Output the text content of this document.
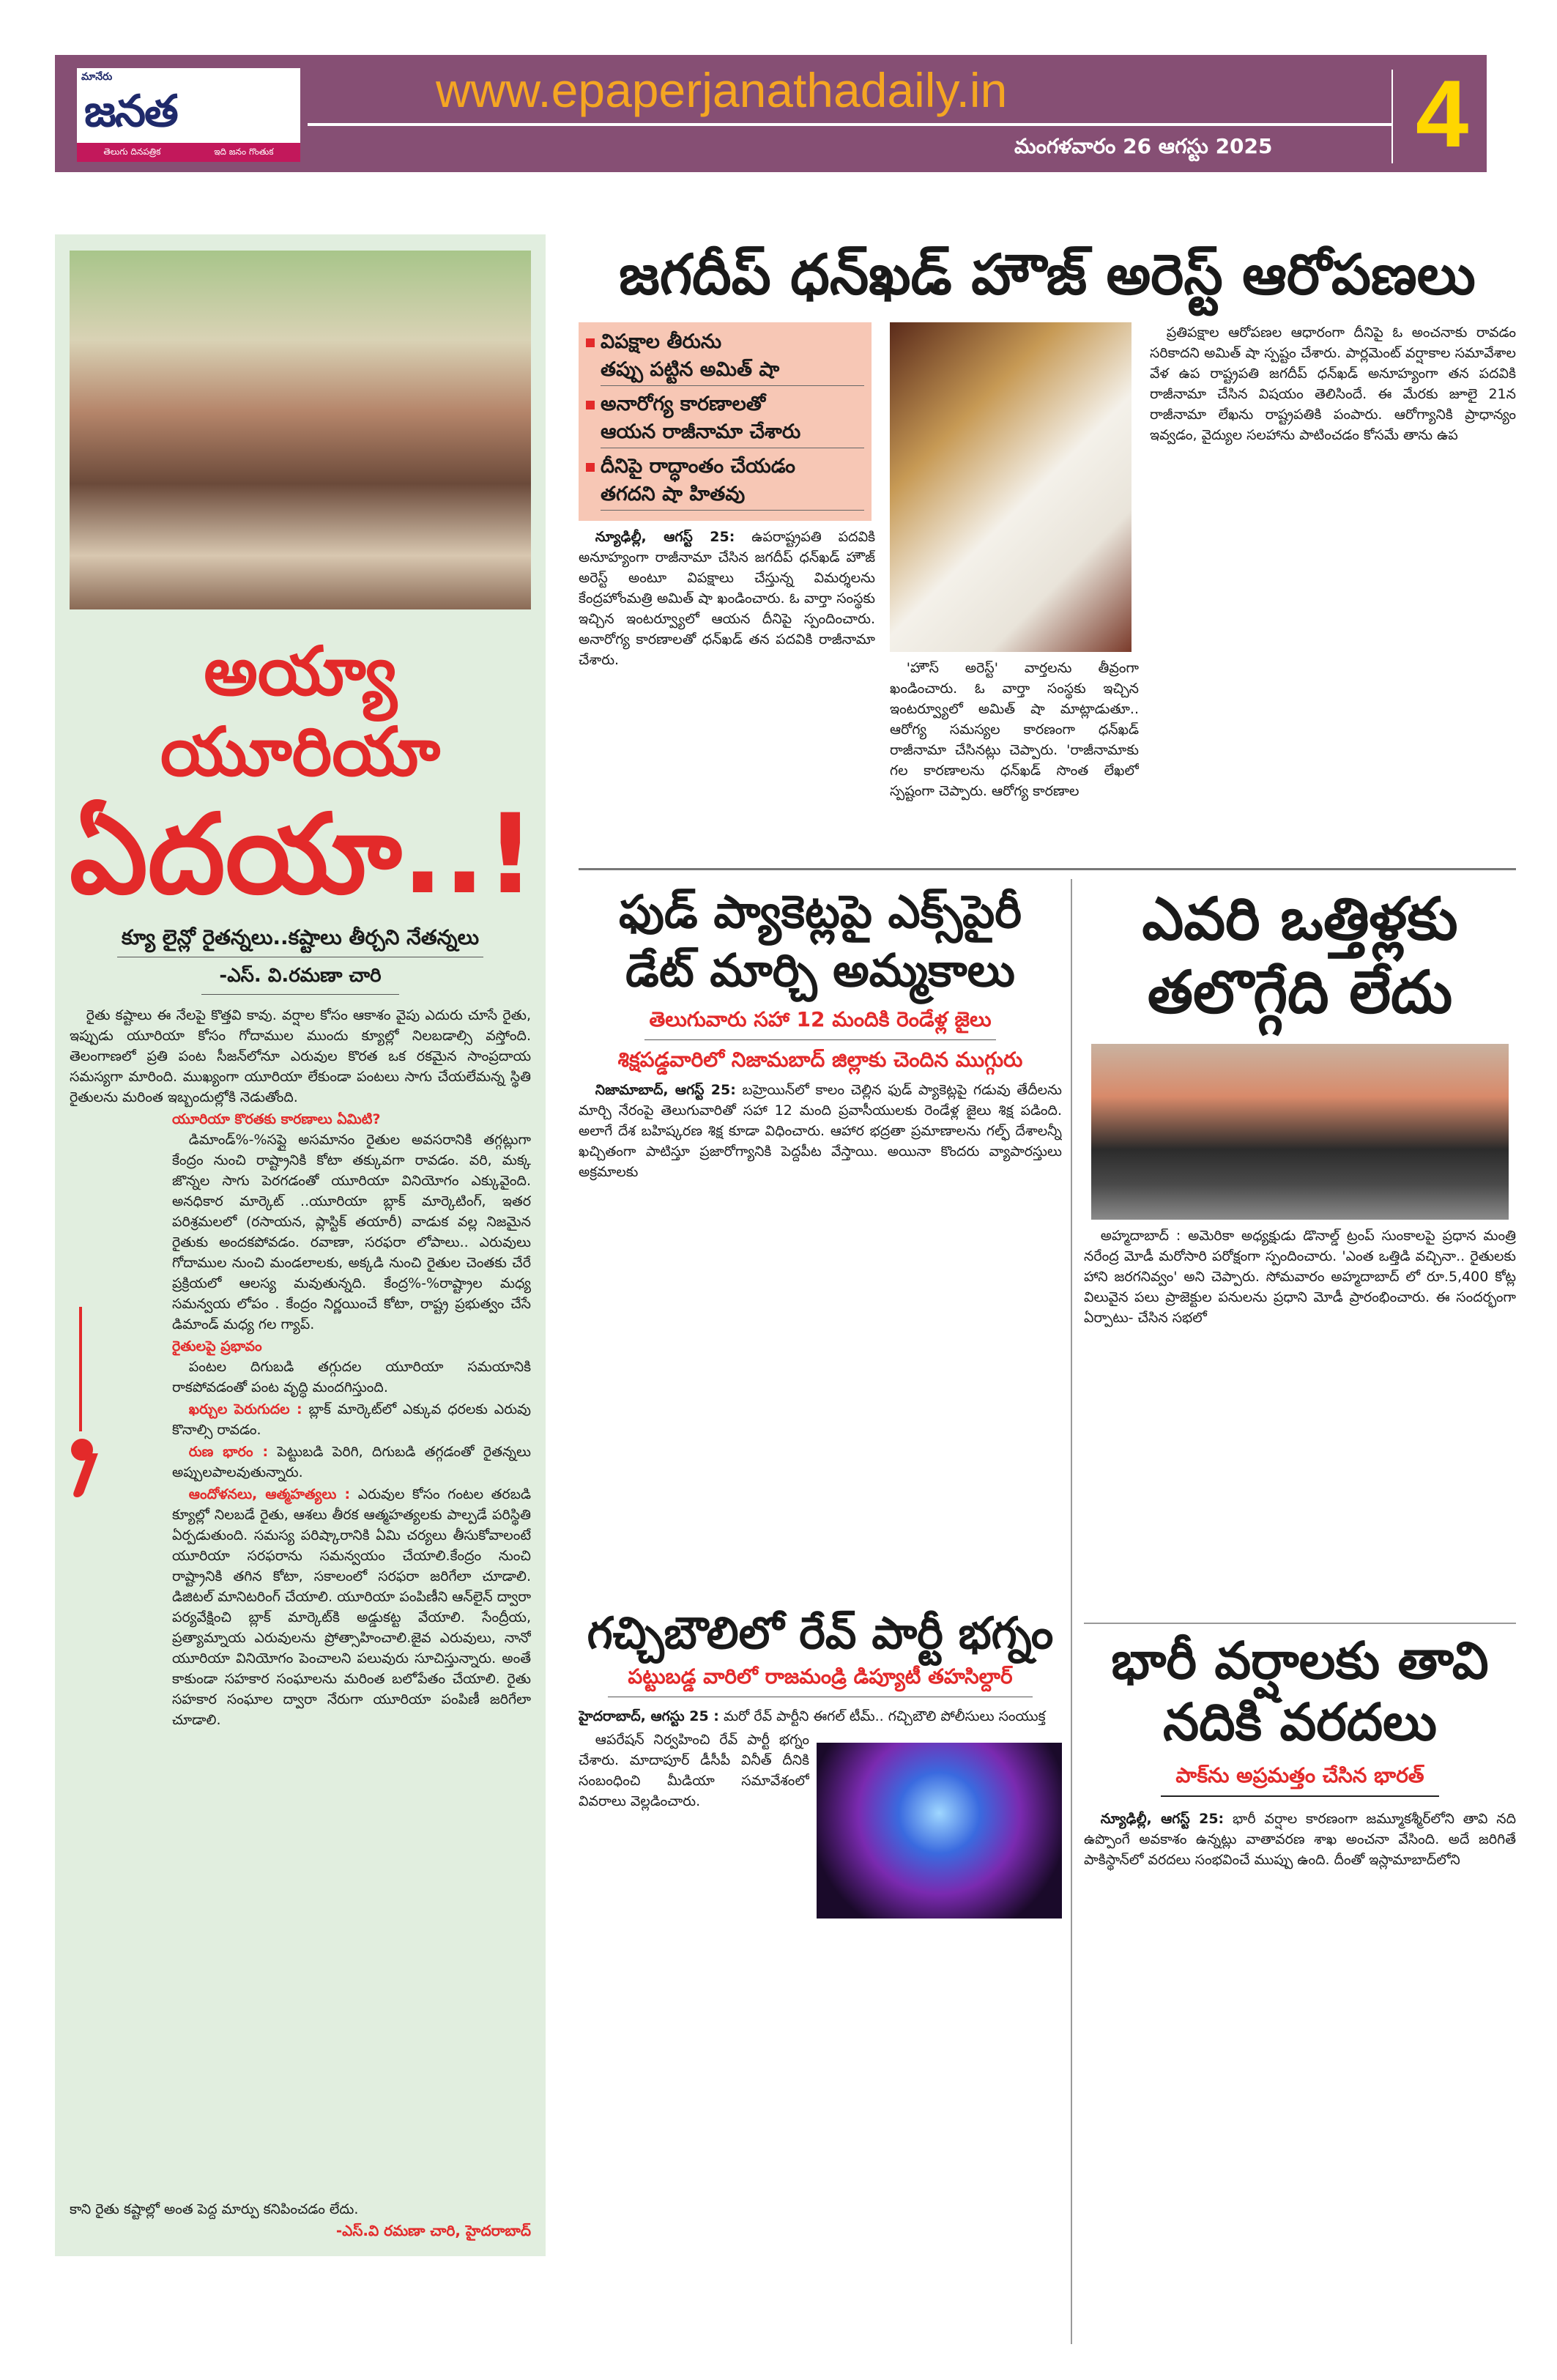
మానేరు
జనత
తెలుగు దినపత్రిక	ఇది జనం గొంతుక
www.epaperjanathadaily.in
మంగళవారం 26 ఆగస్టు 2025 4
అయ్యా యూరియా
ఏదయా..!
క్యూ లైన్లో రైతన్నలు..కష్టాలు తీర్చని నేతన్నలు
-ఎస్. వి.రమణా చారి

రైతు కష్టాలు ఈ నేలపై కొత్తవి కావు. వర్షాల కోసం ఆకాశం వైపు ఎదురు చూసే రైతు, ఇప్పుడు యూరియా కోసం గోదాముల ముందు క్యూల్లో నిలబడాల్సి వస్తోంది. తెలంగాణలో ప్రతి పంట సీజన్‌లోనూ ఎరువుల కొరత ఒక రకమైన సాంప్రదాయ సమస్యగా మారింది. ముఖ్యంగా యూరియా లేకుండా పంటలు సాగు చేయలేమన్న స్థితి రైతులను మరింత ఇబ్బందుల్లోకి నెడుతోంది.

యూరియా కొరతకు కారణాలు ఏమిటి?

డిమాండ్%-%సప్లై అసమానం రైతుల అవసరానికి తగ్గట్లుగా కేంద్రం నుంచి రాష్ట్రానికి కోటా తక్కువగా రావడం. వరి, మక్క జొన్నల సాగు పెరగడంతో యూరియా వినియోగం ఎక్కువైంది. అనధికార మార్కెట్ ..యూరియా బ్లాక్ మార్కెటింగ్, ఇతర పరిశ్రమలలో (రసాయన, ప్లాస్టిక్ తయారీ) వాడుక వల్ల నిజమైన రైతుకు అందకపోవడం. రవాణా, సరఫరా లోపాలు.. ఎరువులు గోదాముల నుంచి మండలాలకు, అక్కడి నుంచి రైతుల చెంతకు చేరే ప్రక్రియలో ఆలస్య మవుతున్నది. కేంద్ర%-%రాష్ట్రాల మధ్య సమన్వయ లోపం . కేంద్రం నిర్ణయించే కోటా, రాష్ట్ర ప్రభుత్వం చేసే డిమాండ్ మధ్య గల గ్యాప్.

రైతులపై ప్రభావం

పంటల దిగుబడి తగ్గుదల యూరియా సమయానికి రాకపోవడంతో పంట వృద్ధి మందగిస్తుంది.

ఖర్చుల పెరుగుదల : బ్లాక్ మార్కెట్‌లో ఎక్కువ ధరలకు ఎరువు కొనాల్సి రావడం.

రుణ భారం : పెట్టుబడి పెరిగి, దిగుబడి తగ్గడంతో రైతన్నలు అప్పులపాలవుతున్నారు.

ఆందోళనలు, ఆత్మహత్యలు : ఎరువుల కోసం గంటల తరబడి క్యూల్లో నిలబడే రైతు, ఆశలు తీరక ఆత్మహత్యలకు పాల్పడే పరిస్థితి ఏర్పడుతుంది. సమస్య పరిష్కారానికి ఏమి చర్యలు తీసుకోవాలంటే యూరియా సరఫరాను సమన్వయం చేయాలి.కేంద్రం నుంచి రాష్ట్రానికి తగిన కోటా, సకాలంలో సరఫరా జరిగేలా చూడాలి. డిజిటల్ మానిటరింగ్ చేయాలి. యూరియా పంపిణీని ఆన్‌లైన్ ద్వారా పర్యవేక్షించి బ్లాక్ మార్కెట్‌కి అడ్డుకట్ట వేయాలి. సేంద్రీయ, ప్రత్యామ్నాయ ఎరువులను ప్రోత్సాహించాలి.జైవ ఎరువులు, నానో యూరియా వినియోగం పెంచాలని పలువురు సూచిస్తున్నారు. అంతే కాకుండా సహకార సంఘాలను మరింత బలోపేతం చేయాలి. రైతు సహకార సంఘాల ద్వారా నేరుగా యూరియా పంపిణీ జరిగేలా చూడాలి.

కాని రైతు కష్టాల్లో అంత పెద్ద మార్పు కనిపించడం లేదు.
-ఎస్.వి రమణా చారి, హైదరాబాద్
జగదీప్ ధన్‌ఖడ్ హౌజ్ అరెస్ట్ ఆరోపణలు
విపక్షాల తీరును
తప్పు పట్టిన అమిత్ షా
అనారోగ్య కారణాలతో
ఆయన రాజీనామా చేశారు
దీనిపై రాద్ధాంతం చేయడం
తగదని షా హితవు

న్యూఢిల్లీ, ఆగస్ట్ 25: ఉపరాష్ట్రపతి పదవికి అనూహ్యంగా రాజీనామా చేసిన జగదీప్ ధన్‌ఖడ్ హౌజ్ అరెస్ట్ అంటూ విపక్షాలు చేస్తున్న విమర్శలను కేంద్రహోంమత్రి అమిత్ షా ఖండించారు. ఓ వార్తా సంస్థకు ఇచ్చిన ఇంటర్వ్యూలో ఆయన దీనిపై స్పందించారు. అనారోగ్య కారణాలతో ధన్‌ఖడ్ తన పదవికి రాజీనామా చేశారు.	'హౌస్ అరెస్ట్' వార్తలను తీవ్రంగా ఖండించారు. ఓ వార్తా సంస్థకు ఇచ్చిన ఇంటర్వ్యూలో అమిత్ షా మాట్లాడుతూ.. ఆరోగ్య సమస్యల కారణంగా ధన్‌ఖడ్ రాజీనామా చేసినట్లు చెప్పారు. 'రాజీనామాకు గల కారణాలను ధన్‌ఖడ్ సొంత లేఖలో స్పష్టంగా చెప్పారు. ఆరోగ్య కారణాల

ప్రతిపక్షాల ఆరోపణల ఆధారంగా దీనిపై ఓ అంచనాకు రావడం సరికాదని అమిత్ షా స్పష్టం చేశారు. పార్లమెంట్ వర్షాకాల సమావేశాల వేళ ఉప రాష్ట్రపతి జగదీప్ ధన్‌ఖడ్ అనూహ్యంగా తన పదవికి రాజీనామా చేసిన విషయం తెలిసిందే. ఈ మేరకు జూలై 21న రాజీనామా లేఖను రాష్ట్రపతికి పంపారు. ఆరోగ్యానికి ప్రాధాన్యం ఇవ్వడం, వైద్యుల సలహాను పాటించడం కోసమే తాను ఉప

ఫుడ్ ప్యాకెట్లపై ఎక్స్‌పైరీ డేట్ మార్చి అమ్మకాలు
తెలుగువారు సహా 12 మందికి రెండేళ్ల జైలు
శిక్షపడ్డవారిలో నిజామబాద్ జిల్లాకు చెందిన ముగ్గురు

నిజామాబాద్, ఆగస్ట్ 25: బహ్రెయిన్‌లో కాలం చెల్లిన ఫుడ్ ప్యాకెట్లపై గడువు తేదీలను మార్చి నేరంపై తెలుగువారితో సహా 12 మంది ప్రవాసీయులకు రెండేళ్ల జైలు శిక్ష పడింది. అలాగే దేశ బహిష్కరణ శిక్ష కూడా విధించారు. ఆహార భద్రతా ప్రమాణాలను గల్ఫ్ దేశాలన్నీ ఖచ్చితంగా పాటిస్తూ ప్రజారోగ్యానికి పెద్దపీట వేస్తాయి. అయినా కొందరు వ్యాపారస్తులు అక్రమాలకు

ఎవరి ఒత్తిళ్లకు తలొగ్గేది లేదు

అహ్మదాబాద్ : అమెరికా అధ్యక్షుడు డొనాల్డ్ ట్రంప్ సుంకాలపై ప్రధాన మంత్రి నరేంద్ర మోడీ మరోసారి పరోక్షంగా స్పందించారు. 'ఎంత ఒత్తిడి వచ్చినా.. రైతులకు హాని జరగనివ్వం' అని చెప్పారు. సోమవారం అహ్మదాబాద్ లో రూ.5,400 కోట్ల విలువైన పలు ప్రాజెక్టుల పనులను ప్రధాని మోడీ ప్రారంభించారు. ఈ సందర్భంగా ఏర్పాటు- చేసిన సభలో

గచ్చిబౌలిలో రేవ్ పార్టీ భగ్నం
పట్టుబడ్డ వారిలో రాజమండ్రి డిప్యూటీ తహసిల్దార్
హైదరాబాద్, ఆగస్టు 25 : మరో రేవ్ పార్టీని ఈగల్ టీమ్.. గచ్చిబౌలి పోలీసులు సంయుక్త

ఆపరేషన్ నిర్వహించి రేవ్ పార్టీ భగ్నం చేశారు. మాదాపూర్ డీసీపీ వినీత్ దీనికి సంబంధించి మీడియా సమావేశంలో వివరాలు వెల్లడించారు.

భారీ వర్షాలకు తావి నదికి వరదలు
పాక్‌ను అప్రమత్తం చేసిన భారత్

న్యూఢిల్లీ, ఆగస్ట్ 25: భారీ వర్షాల కారణంగా జమ్మూకశ్మీర్‌లోని తావి నది ఉప్పొంగే అవకాశం ఉన్నట్లు వాతావరణ శాఖ అంచనా వేసింది. అదే జరిగితే పాకిస్థాన్‌లో వరదలు సంభవించే ముప్పు ఉంది. దీంతో ఇస్లామాబాద్‌లోని
